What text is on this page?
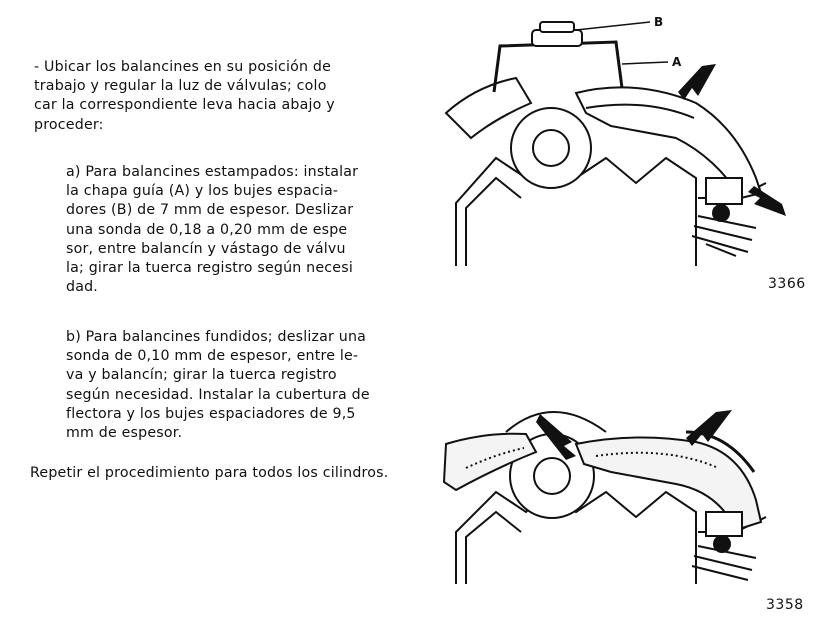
- Ubicar los balancines en su posición de
trabajo y regular la luz de válvulas; colo
car la correspondiente leva hacia abajo y
proceder:
a) Para balancines estampados: instalar
la chapa guía (A) y los bujes espacia-
dores (B) de 7 mm de espesor. Deslizar
una sonda de 0,18 a 0,20 mm de espe
sor, entre balancín y vástago de válvu
la; girar la tuerca registro según necesi
dad.
b) Para balancines fundidos; deslizar una
sonda de 0,10 mm de espesor, entre le-
va y balancín; girar la tuerca registro
según necesidad. Instalar la cubertura de
flectora y los bujes espaciadores de 9,5
mm de espesor.
Repetir el procedimiento para todos los cilindros.
B
A
3366
3358
